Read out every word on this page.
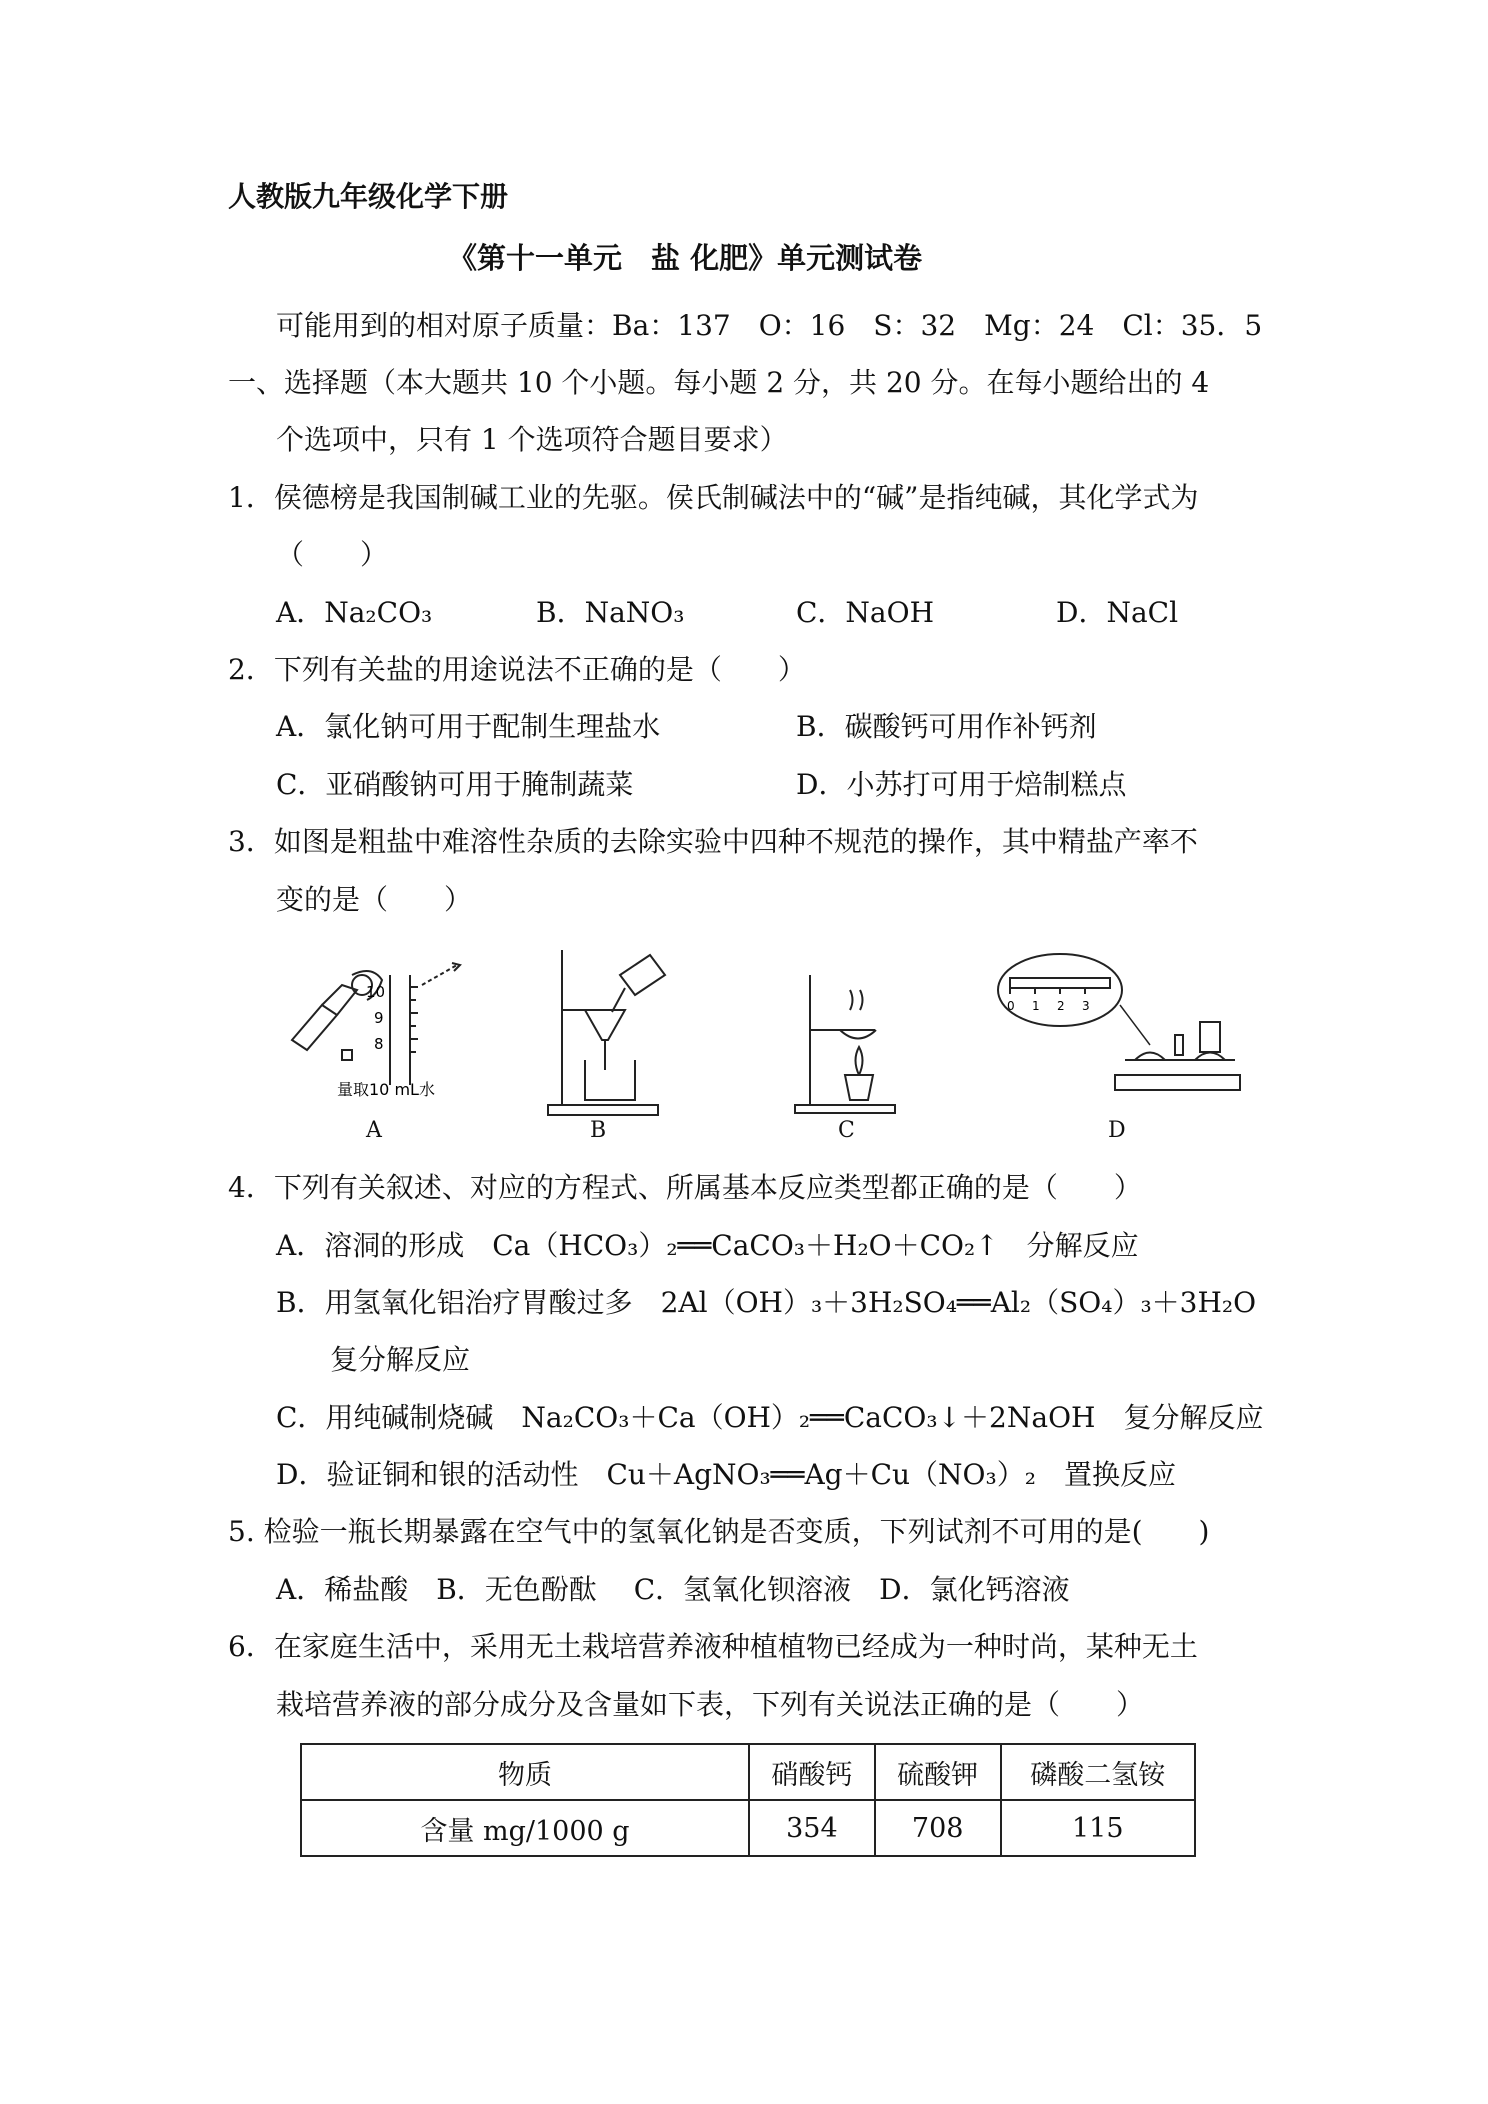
人教版九年级化学下册
《第十一单元　盐 化肥》单元测试卷
可能用到的相对原子质量：Ba：137　O：16　S：32　Mg：24　Cl：35．5
一、选择题（本大题共 10 个小题。每小题 2 分，共 20 分。在每小题给出的 4
个选项中，只有 1 个选项符合题目要求）
1．侯德榜是我国制碱工业的先驱。侯氏制碱法中的“碱”是指纯碱，其化学式为
（　　）
A．Na₂CO₃	B．NaNO₃	C．NaOH	D．NaCl
2．下列有关盐的用途说法不正确的是（　　）
A．氯化钠可用于配制生理盐水	B．碳酸钙可用作补钙剂
C．亚硝酸钠可用于腌制蔬菜	D．小苏打可用于焙制糕点
3．如图是粗盐中难溶性杂质的去除实验中四种不规范的操作，其中精盐产率不
变的是（　　）
10
9
8
量取10 mL水
0 1 2 3
A	B	C	D
4．下列有关叙述、对应的方程式、所属基本反应类型都正确的是（　　）
A．溶洞的形成　Ca（HCO₃）₂══CaCO₃＋H₂O＋CO₂↑　分解反应
B．用氢氧化铝治疗胃酸过多　2Al（OH）₃＋3H₂SO₄══Al₂（SO₄）₃＋3H₂O
复分解反应
C．用纯碱制烧碱　Na₂CO₃＋Ca（OH）₂══CaCO₃↓＋2NaOH　复分解反应
D．验证铜和银的活动性　Cu＋AgNO₃══Ag＋Cu（NO₃）₂　置换反应
5. 检验一瓶长期暴露在空气中的氢氧化钠是否变质，下列试剂不可用的是(　　)
A．稀盐酸　B．无色酚酞　 C．氢氧化钡溶液　D．氯化钙溶液
6．在家庭生活中，采用无土栽培营养液种植植物已经成为一种时尚，某种无土
栽培营养液的部分成分及含量如下表，下列有关说法正确的是（　　）
物质	硝酸钙	硫酸钾	磷酸二氢铵
含量 mg/1000 g	354	708	115
